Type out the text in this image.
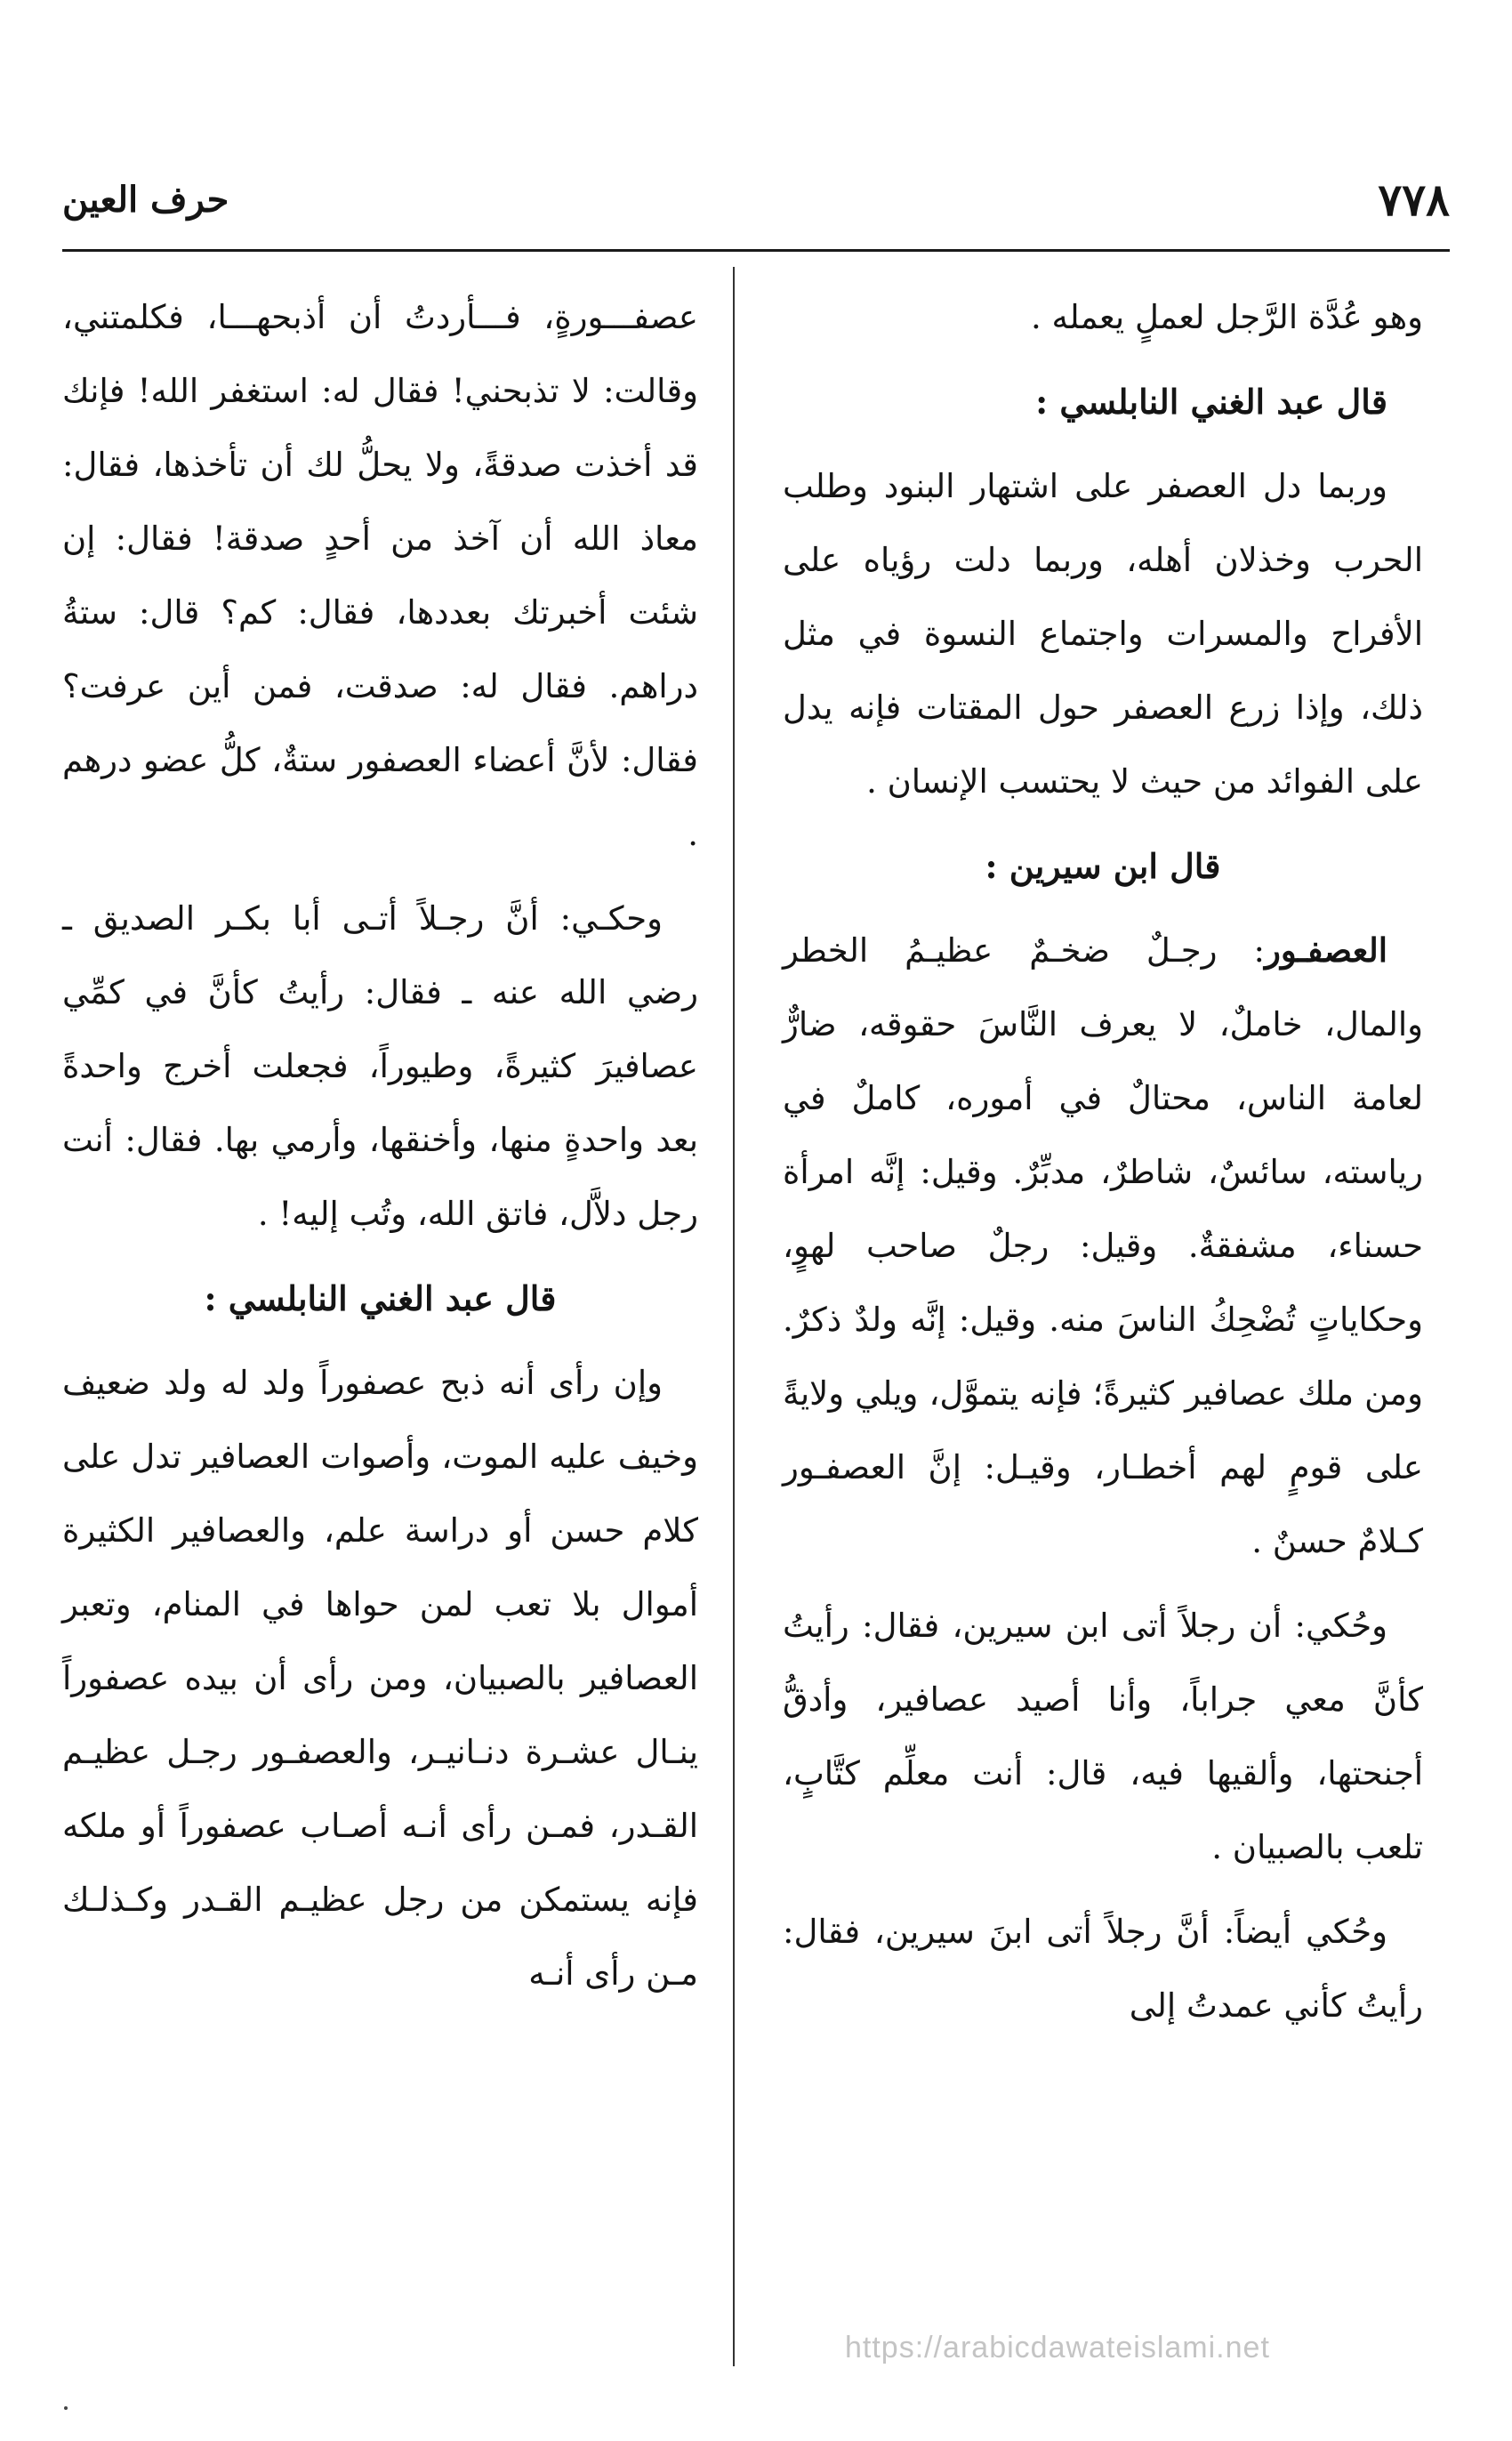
حرف العين	٧٧٨

وهو عُدَّة الرَّجل لعملٍ يعمله .

قال عبد الغني النابلسي :

وربما دل العصفر على اشتهار البنود وطلب الحرب وخذلان أهله، وربما دلت رؤياه على الأفراح والمسرات واجتماع النسوة في مثل ذلك، وإذا زرع العصفر حول المقتات فإنه يدل على الفوائد من حيث لا يحتسب الإنسان .

قال ابن سيرين :

العصفـور: رجـلٌ ضخـمٌ عظيـمُ الخطر والمال، خاملٌ، لا يعرف النَّاسَ حقوقه، ضارٌّ لعامة الناس، محتالٌ في أموره، كاملٌ في رياسته، سائسٌ، شاطرٌ، مدبِّرٌ. وقيل: إنَّه امرأة حسناء، مشفقةٌ. وقيل: رجلٌ صاحب لهوٍ، وحكاياتٍ تُضْحِكُ الناسَ منه. وقيل: إنَّه ولدٌ ذكرٌ. ومن ملك عصافير كثيرةً؛ فإنه يتموَّل، ويلي ولايةً على قومٍ لهم أخطـار، وقيـل: إنَّ العصفـور كـلامٌ حسنٌ .

وحُكي: أن رجلاً أتى ابن سيرين، فقال: رأيتُ كأنَّ معي جراباً، وأنا أصيد عصافير، وأدقُّ أجنحتها، وألقيها فيه، قال: أنت معلِّم كتَّابٍ، تلعب بالصبيان .

وحُكي أيضاً: أنَّ رجلاً أتى ابنَ سيرين، فقال: رأيتُ كأني عمدتُ إلى

عصفـــورةٍ، فـــأردتُ أن أذبحهـــا، فكلمتني، وقالت: لا تذبحني! فقال له: استغفر الله! فإنك قد أخذت صدقةً، ولا يحلُّ لك أن تأخذها، فقال: معاذ الله أن آخذ من أحدٍ صدقة! فقال: إن شئت أخبرتك بعددها، فقال: كم؟ قال: ستةُ دراهم. فقال له: صدقت، فمن أين عرفت؟ فقال: لأنَّ أعضاء العصفور ستةٌ، كلُّ عضو درهم .

وحكـي: أنَّ رجـلاً أتـى أبا بكـر الصديق ـ رضي الله عنه ـ فقال: رأيتُ كأنَّ في كمِّي عصافيرَ كثيرةً، وطيوراً، فجعلت أخرج واحدةً بعد واحدةٍ منها، وأخنقها، وأرمي بها. فقال: أنت رجل دلاَّل، فاتق الله، وتُب إليه! .

قال عبد الغني النابلسي :

وإن رأى أنه ذبح عصفوراً ولد له ولد ضعيف وخيف عليه الموت، وأصوات العصافير تدل على كلام حسن أو دراسة علم، والعصافير الكثيرة أموال بلا تعب لمن حواها في المنام، وتعبر العصافير بالصبيان، ومن رأى أن بيده عصفوراً ينـال عشـرة دنـانيـر، والعصفـور رجـل عظيـم القـدر، فمـن رأى أنـه أصـاب عصفوراً أو ملكه فإنه يستمكن من رجل عظيـم القـدر وكـذلـك مـن رأى أنـه

https://arabicdawateislami.net
